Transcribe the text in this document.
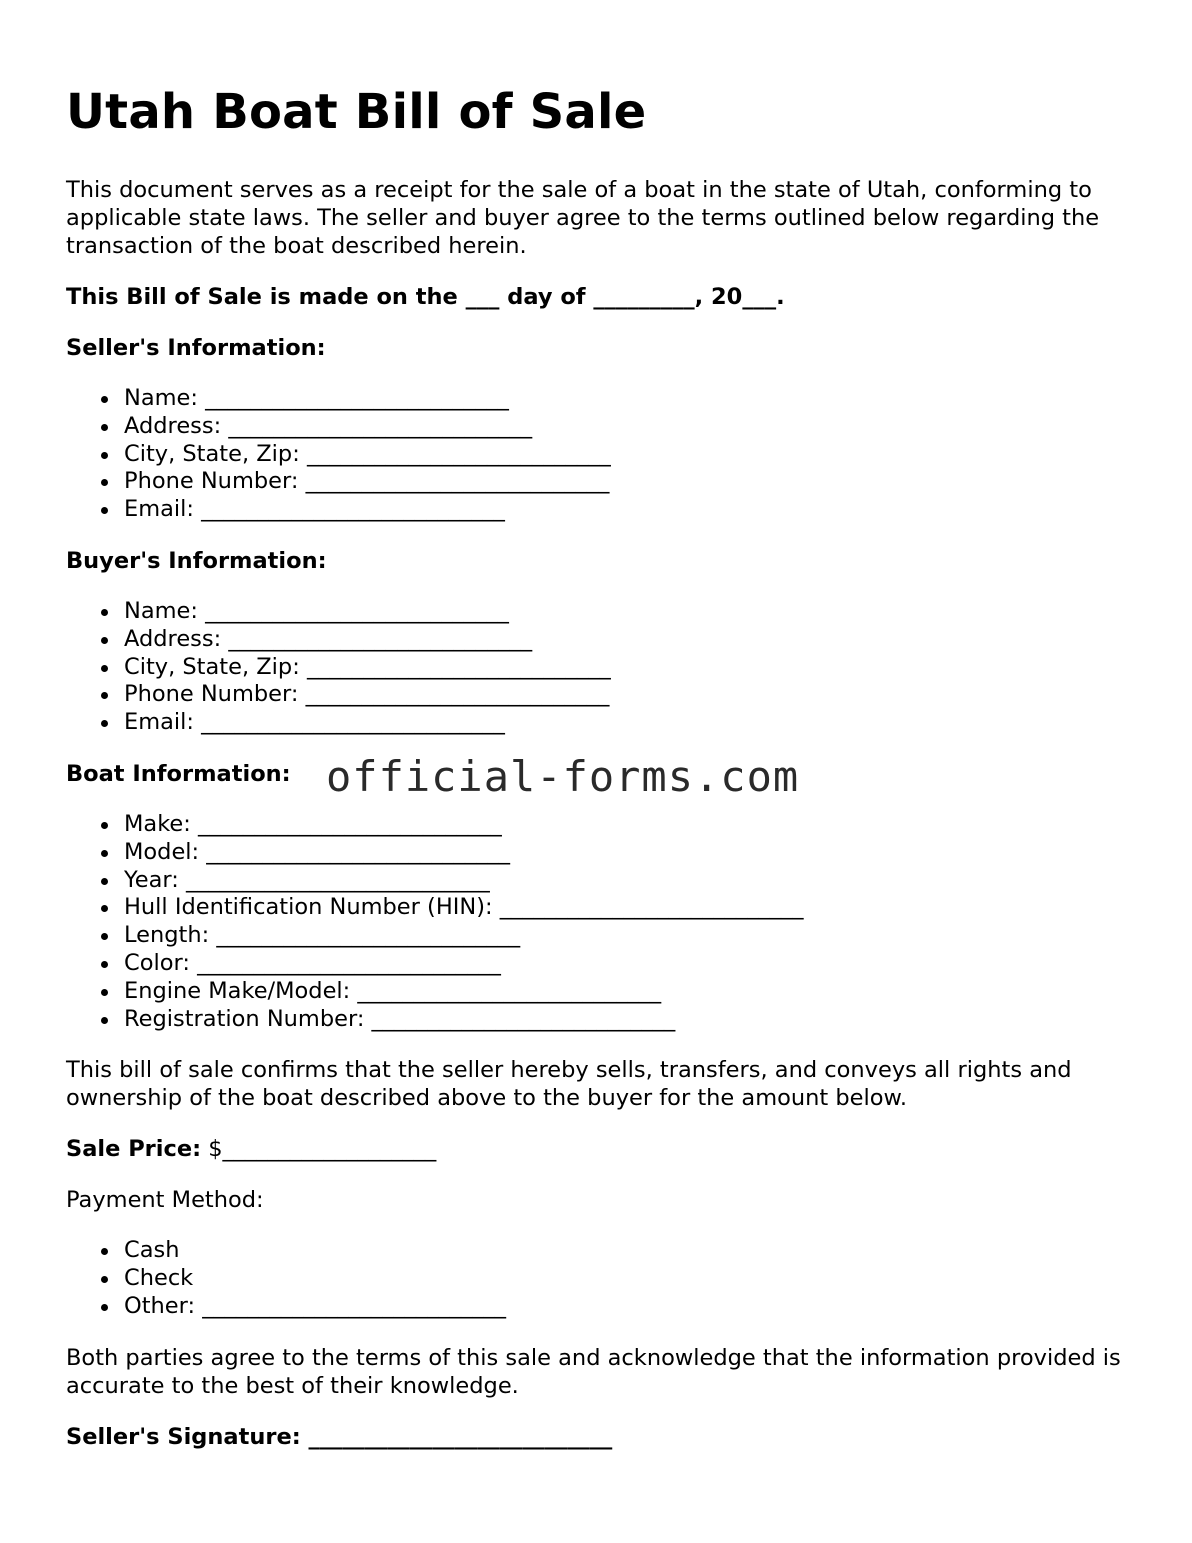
Utah Boat Bill of Sale

This document serves as a receipt for the sale of a boat in the state of Utah, conforming to applicable state laws. The seller and buyer agree to the terms outlined below regarding the transaction of the boat described herein.

This Bill of Sale is made on the ___ day of _________, 20___.

Seller's Information:

Name: ___________________________
Address: ___________________________
City, State, Zip: ___________________________
Phone Number: ___________________________
Email: ___________________________

Buyer's Information:

Name: ___________________________
Address: ___________________________
City, State, Zip: ___________________________
Phone Number: ___________________________
Email: ___________________________

Boat Information:

Make: ___________________________
Model: ___________________________
Year: ___________________________
Hull Identification Number (HIN): ___________________________
Length: ___________________________
Color: ___________________________
Engine Make/Model: ___________________________
Registration Number: ___________________________

This bill of sale confirms that the seller hereby sells, transfers, and conveys all rights and ownership of the boat described above to the buyer for the amount below.

Sale Price: $___________________

Payment Method:

Cash
Check
Other: ___________________________

Both parties agree to the terms of this sale and acknowledge that the information provided is accurate to the best of their knowledge.

Seller's Signature: ___________________________

official-forms.com
